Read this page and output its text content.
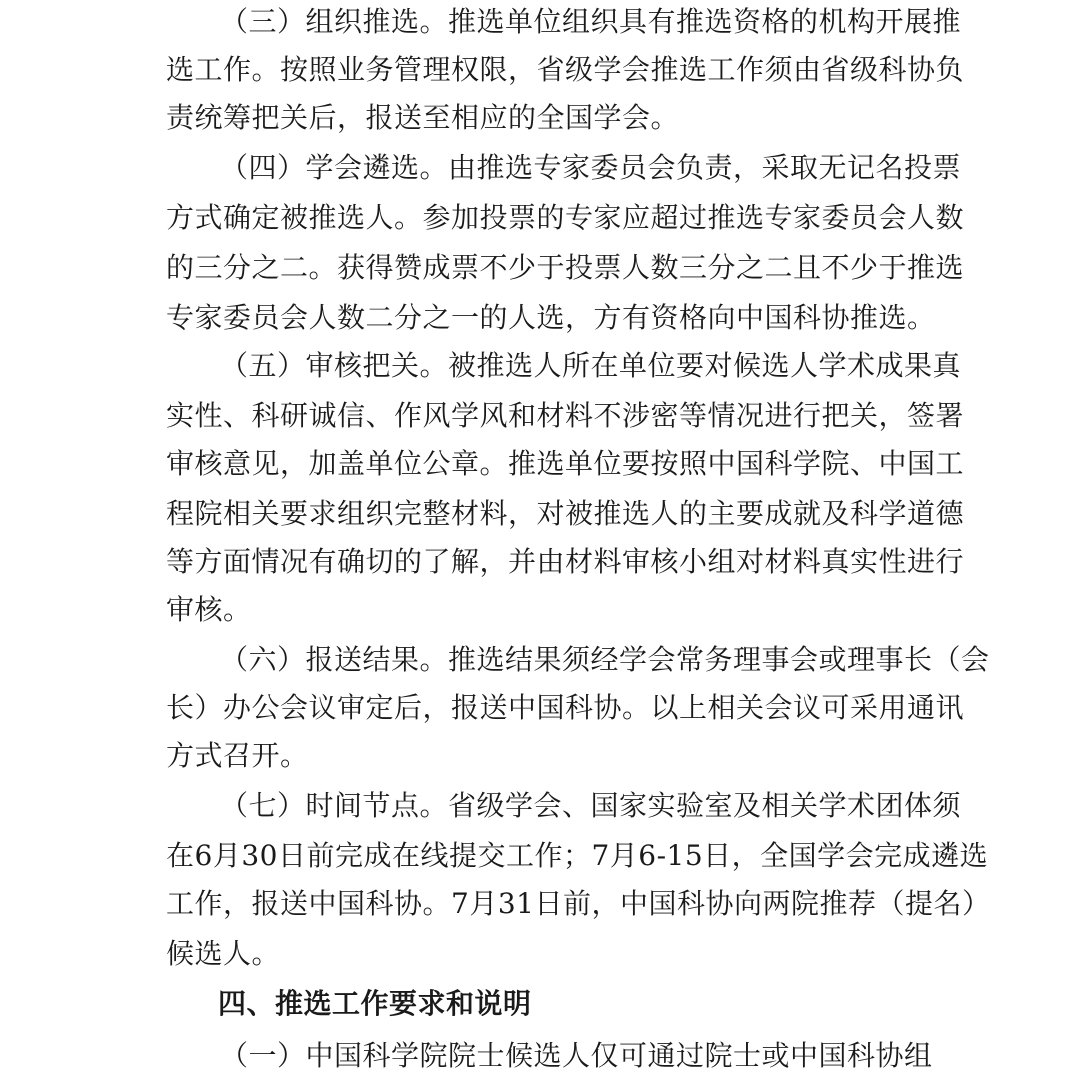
（三）组织推选。推选单位组织具有推选资格的机构开展推
选工作。按照业务管理权限，省级学会推选工作须由省级科协负
责统筹把关后，报送至相应的全国学会。
（四）学会遴选。由推选专家委员会负责，采取无记名投票
方式确定被推选人。参加投票的专家应超过推选专家委员会人数
的三分之二。获得赞成票不少于投票人数三分之二且不少于推选
专家委员会人数二分之一的人选，方有资格向中国科协推选。
（五）审核把关。被推选人所在单位要对候选人学术成果真
实性、科研诚信、作风学风和材料不涉密等情况进行把关，签署
审核意见，加盖单位公章。推选单位要按照中国科学院、中国工
程院相关要求组织完整材料，对被推选人的主要成就及科学道德
等方面情况有确切的了解，并由材料审核小组对材料真实性进行
审核。
（六）报送结果。推选结果须经学会常务理事会或理事长（会
长）办公会议审定后，报送中国科协。以上相关会议可采用通讯
方式召开。
（七）时间节点。省级学会、国家实验室及相关学术团体须
在6月30日前完成在线提交工作；7月6-15日，全国学会完成遴选
工作，报送中国科协。7月31日前，中国科协向两院推荐（提名）
候选人。
四、推选工作要求和说明
（一）中国科学院院士候选人仅可通过院士或中国科协组
